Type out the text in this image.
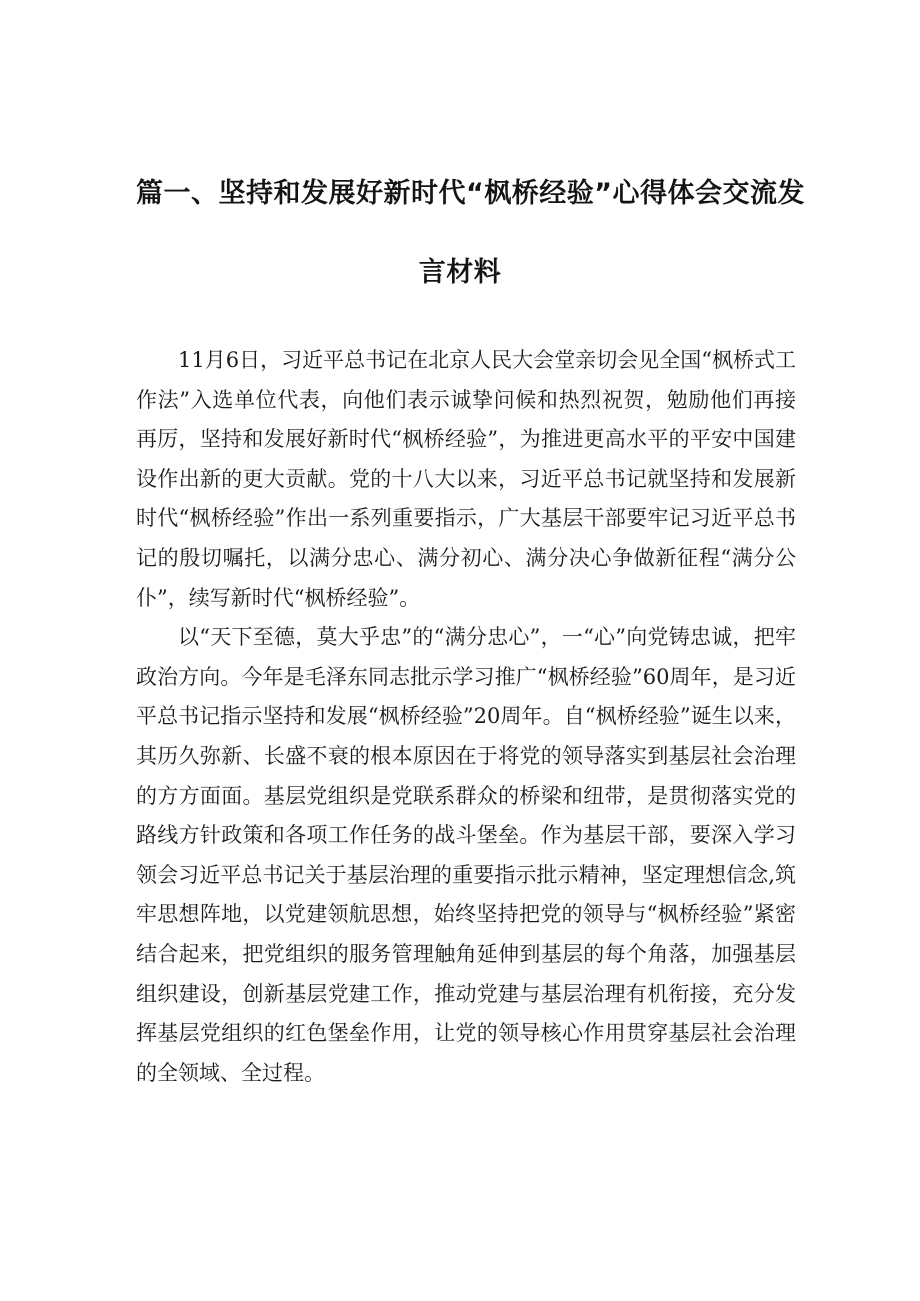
篇一、坚持和发展好新时代“枫桥经验”心得体会交流发
言材料

11月6日，习近平总书记在北京人民大会堂亲切会见全国“枫桥式工作法”入选单位代表，向他们表示诚挚问候和热烈祝贺，勉励他们再接再厉，坚持和发展好新时代“枫桥经验”，为推进更高水平的平安中国建设作出新的更大贡献。党的十八大以来，习近平总书记就坚持和发展新时代“枫桥经验”作出一系列重要指示，广大基层干部要牢记习近平总书记的殷切嘱托，以满分忠心、满分初心、满分决心争做新征程“满分公仆”，续写新时代“枫桥经验”。

以“天下至德，莫大乎忠”的“满分忠心”，一“心”向党铸忠诚，把牢政治方向。今年是毛泽东同志批示学习推广“枫桥经验”60周年，是习近平总书记指示坚持和发展“枫桥经验”20周年。自“枫桥经验”诞生以来，其历久弥新、长盛不衰的根本原因在于将党的领导落实到基层社会治理的方方面面。基层党组织是党联系群众的桥梁和纽带，是贯彻落实党的路线方针政策和各项工作任务的战斗堡垒。作为基层干部，要深入学习领会习近平总书记关于基层治理的重要指示批示精神，坚定理想信念,筑牢思想阵地，以党建领航思想，始终坚持把党的领导与“枫桥经验”紧密结合起来，把党组织的服务管理触角延伸到基层的每个角落，加强基层组织建设，创新基层党建工作，推动党建与基层治理有机衔接，充分发挥基层党组织的红色堡垒作用，让党的领导核心作用贯穿基层社会治理的全领域、全过程。
